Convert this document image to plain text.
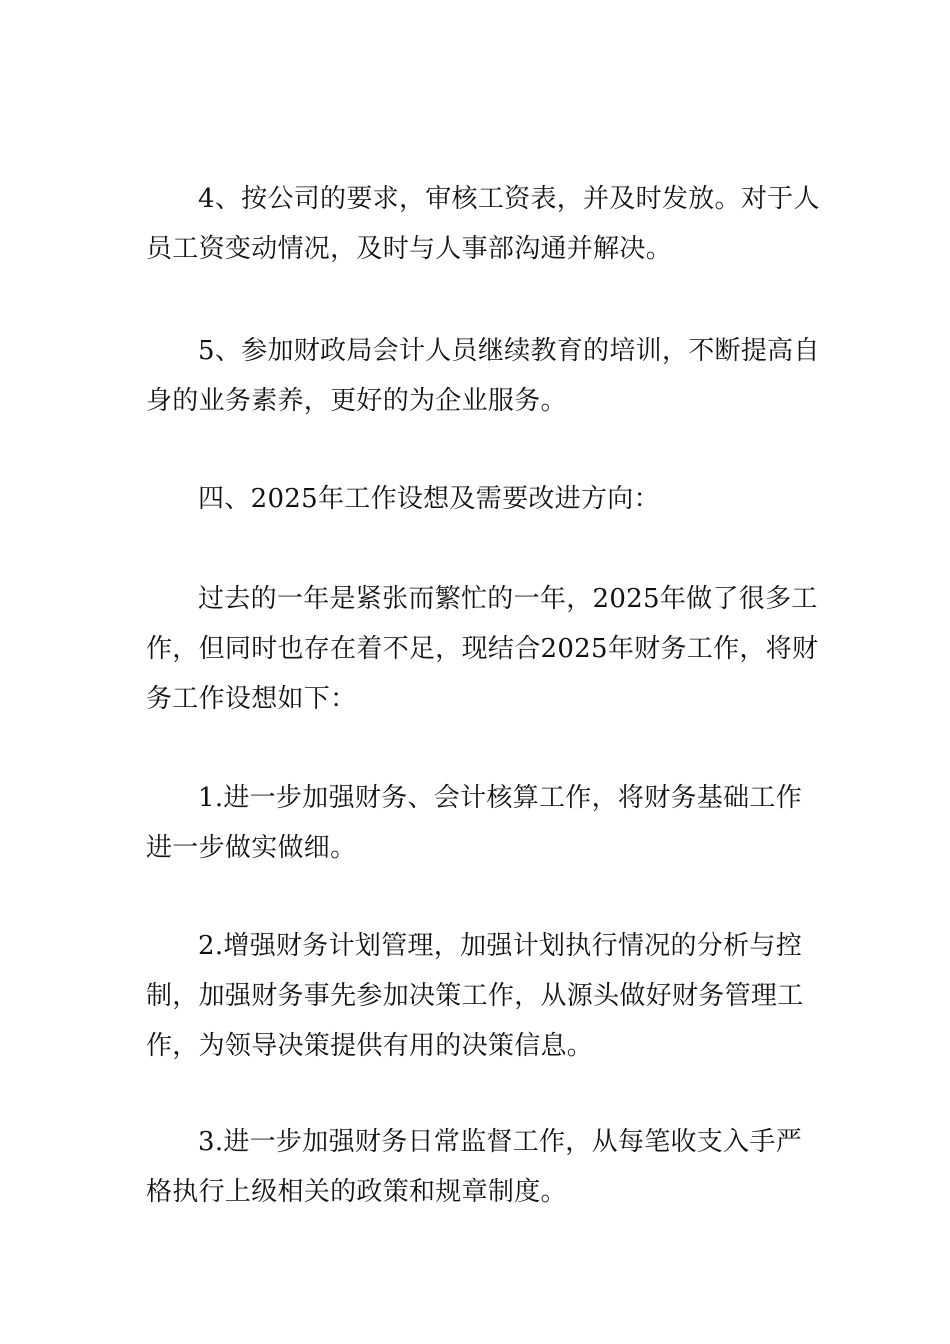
4、按公司的要求，审核工资表，并及时发放。对于人
员工资变动情况，及时与人事部沟通并解决。
5、参加财政局会计人员继续教育的培训，不断提高自
身的业务素养，更好的为企业服务。
四、2025年工作设想及需要改进方向：
过去的一年是紧张而繁忙的一年，2025年做了很多工
作，但同时也存在着不足，现结合2025年财务工作，将财
务工作设想如下：
1.进一步加强财务、会计核算工作，将财务基础工作
进一步做实做细。
2.增强财务计划管理，加强计划执行情况的分析与控
制，加强财务事先参加决策工作，从源头做好财务管理工
作，为领导决策提供有用的决策信息。
3.进一步加强财务日常监督工作，从每笔收支入手严
格执行上级相关的政策和规章制度。
